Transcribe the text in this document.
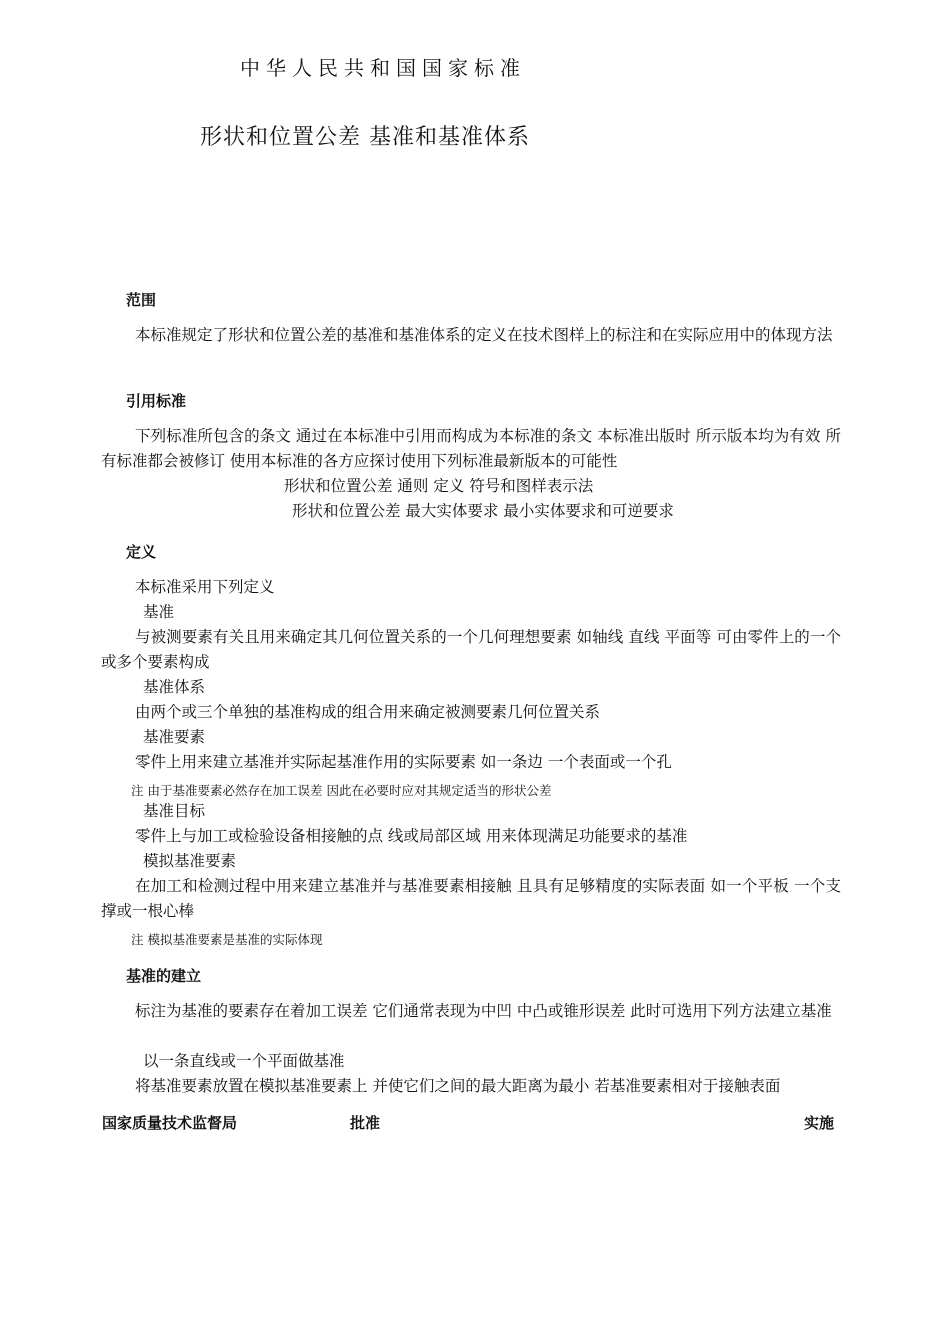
中华人民共和国国家标准
形状和位置公差 基准和基准体系
范围
本标准规定了形状和位置公差的基准和基准体系的定义在技术图样上的标注和在实际应用中的体现方法
引用标准
下列标准所包含的条文 通过在本标准中引用而构成为本标准的条文 本标准出版时 所示版本均为有效 所有标准都会被修订 使用本标准的各方应探讨使用下列标准最新版本的可能性
形状和位置公差 通则 定义 符号和图样表示法
形状和位置公差 最大实体要求 最小实体要求和可逆要求
定义
本标准采用下列定义
基准
与被测要素有关且用来确定其几何位置关系的一个几何理想要素 如轴线 直线 平面等 可由零件上的一个或多个要素构成
基准体系
由两个或三个单独的基准构成的组合用来确定被测要素几何位置关系
基准要素
零件上用来建立基准并实际起基准作用的实际要素 如一条边 一个表面或一个孔
注 由于基准要素必然存在加工误差 因此在必要时应对其规定适当的形状公差
基准目标
零件上与加工或检验设备相接触的点 线或局部区域 用来体现满足功能要求的基准
模拟基准要素
在加工和检测过程中用来建立基准并与基准要素相接触 且具有足够精度的实际表面 如一个平板 一个支撑或一根心棒
注 模拟基准要素是基准的实际体现
基准的建立
标注为基准的要素存在着加工误差 它们通常表现为中凹 中凸或锥形误差 此时可选用下列方法建立基准
以一条直线或一个平面做基准
将基准要素放置在模拟基准要素上 并使它们之间的最大距离为最小 若基准要素相对于接触表面
国家质量技术监督局	批准	实施
